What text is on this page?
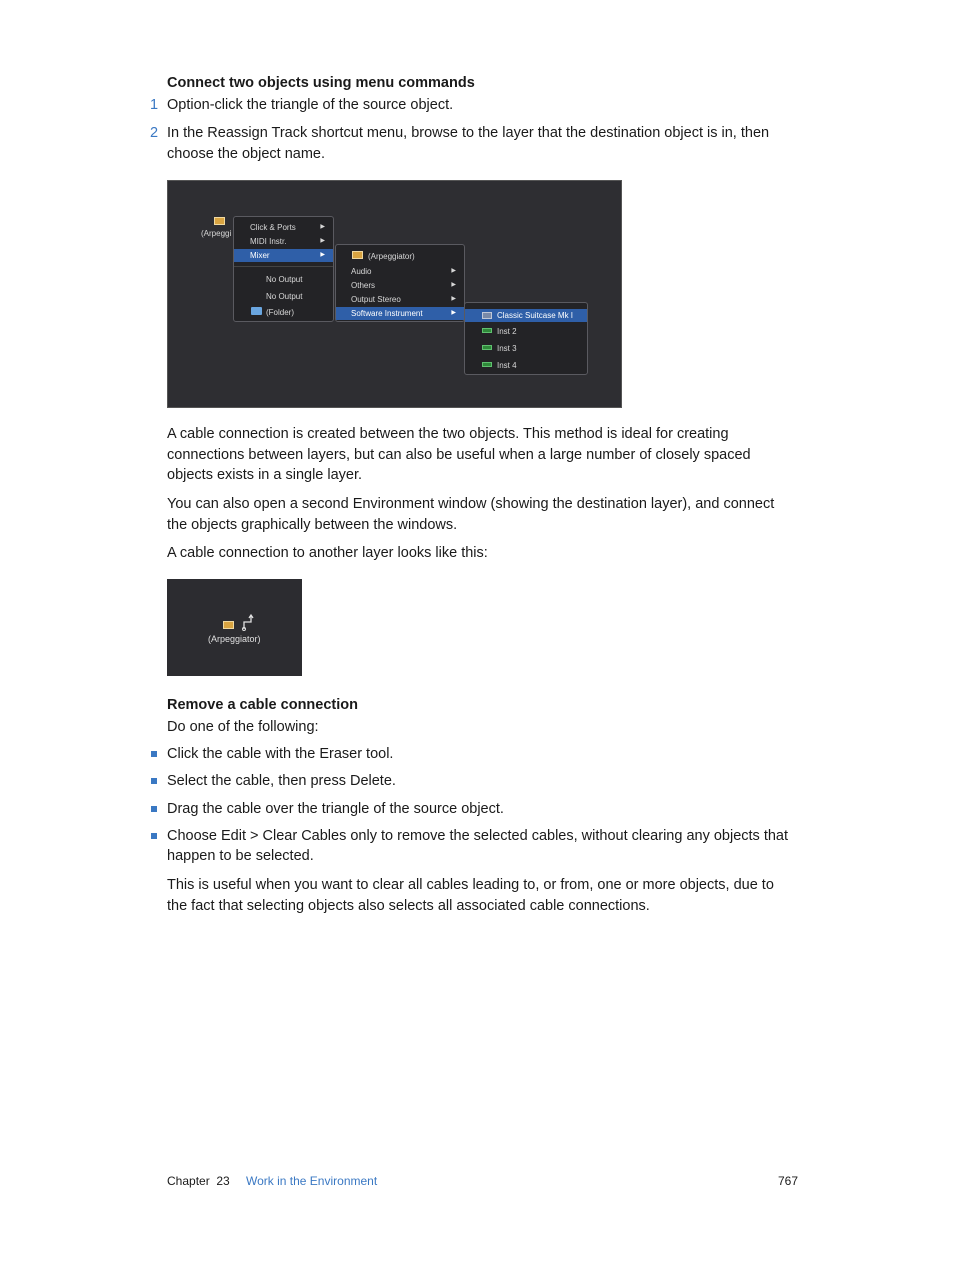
Connect two objects using menu commands
1 Option-click the triangle of the source object.
2 In the Reassign Track shortcut menu, browse to the layer that the destination object is in, then
choose the object name.
(Arpeggi
Click & Ports	▶
MIDI Instr.	▶
Mixer	▶
No Output
No Output
(Folder)
(Arpeggiator)
Audio	▶
Others	▶
Output Stereo	▶
Software Instrument	▶	Classic Suitcase Mk I
Inst 2
Inst 3
Inst 4
A cable connection is created between the two objects. This method is ideal for creating
connections between layers, but can also be useful when a large number of closely spaced
objects exists in a single layer.
You can also open a second Environment window (showing the destination layer), and connect
the objects graphically between the windows.
A cable connection to another layer looks like this:
(Arpeggiator)
Remove a cable connection
Do one of the following:
Click the cable with the Eraser tool.
Select the cable, then press Delete.
Drag the cable over the triangle of the source object.
Choose Edit > Clear Cables only to remove the selected cables, without clearing any objects that
happen to be selected.
This is useful when you want to clear all cables leading to, or from, one or more objects, due to
the fact that selecting objects also selects all associated cable connections.
Chapter  23 Work in the Environment	767
